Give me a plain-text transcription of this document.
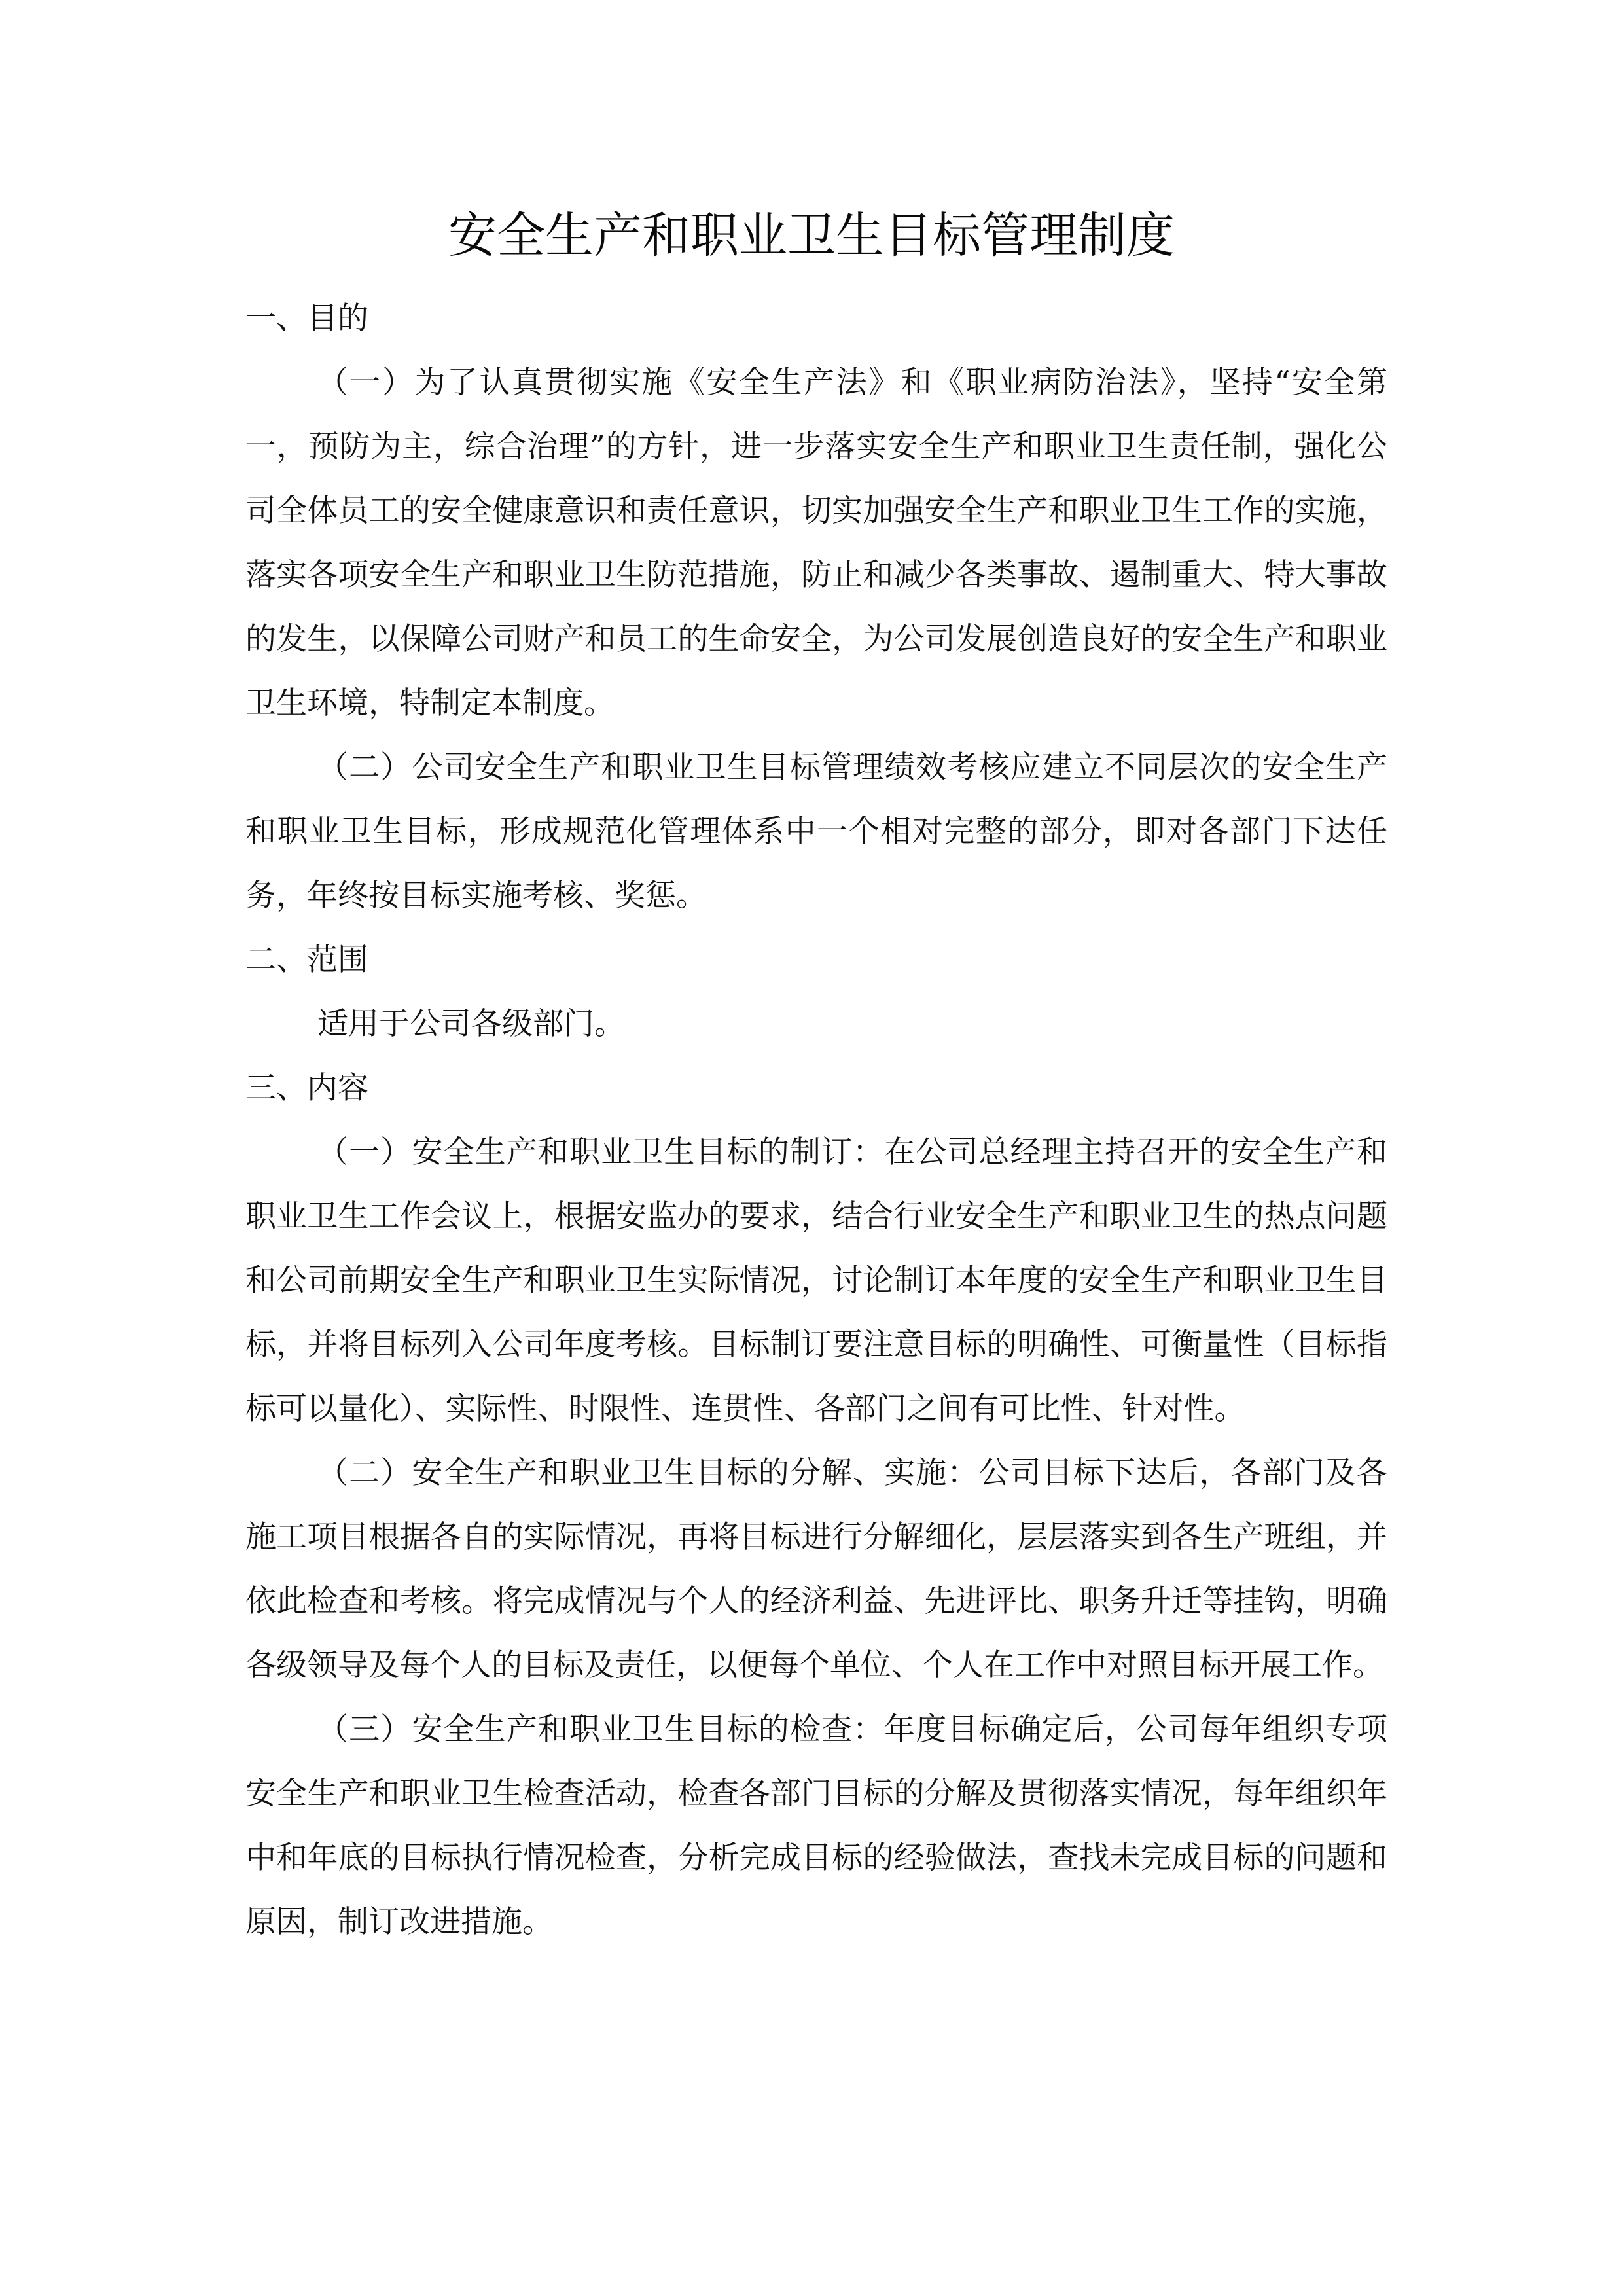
安全生产和职业卫生目标管理制度

一、目的

（一）为了认真贯彻实施《安全生产法》和《职业病防治法》，坚持“安全第一，预防为主，综合治理”的方针，进一步落实安全生产和职业卫生责任制，强化公司全体员工的安全健康意识和责任意识，切实加强安全生产和职业卫生工作的实施，落实各项安全生产和职业卫生防范措施，防止和减少各类事故、遏制重大、特大事故的发生，以保障公司财产和员工的生命安全，为公司发展创造良好的安全生产和职业卫生环境，特制定本制度。

（二）公司安全生产和职业卫生目标管理绩效考核应建立不同层次的安全生产和职业卫生目标，形成规范化管理体系中一个相对完整的部分，即对各部门下达任务，年终按目标实施考核、奖惩。

二、范围

适用于公司各级部门。

三、内容

（一）安全生产和职业卫生目标的制订：在公司总经理主持召开的安全生产和职业卫生工作会议上，根据安监办的要求，结合行业安全生产和职业卫生的热点问题和公司前期安全生产和职业卫生实际情况，讨论制订本年度的安全生产和职业卫生目标，并将目标列入公司年度考核。目标制订要注意目标的明确性、可衡量性（目标指标可以量化）、实际性、时限性、连贯性、各部门之间有可比性、针对性。

（二）安全生产和职业卫生目标的分解、实施：公司目标下达后，各部门及各施工项目根据各自的实际情况，再将目标进行分解细化，层层落实到各生产班组，并依此检查和考核。将完成情况与个人的经济利益、先进评比、职务升迁等挂钩，明确各级领导及每个人的目标及责任，以便每个单位、个人在工作中对照目标开展工作。

（三）安全生产和职业卫生目标的检查：年度目标确定后，公司每年组织专项安全生产和职业卫生检查活动，检查各部门目标的分解及贯彻落实情况，每年组织年中和年底的目标执行情况检查，分析完成目标的经验做法，查找未完成目标的问题和原因，制订改进措施。
